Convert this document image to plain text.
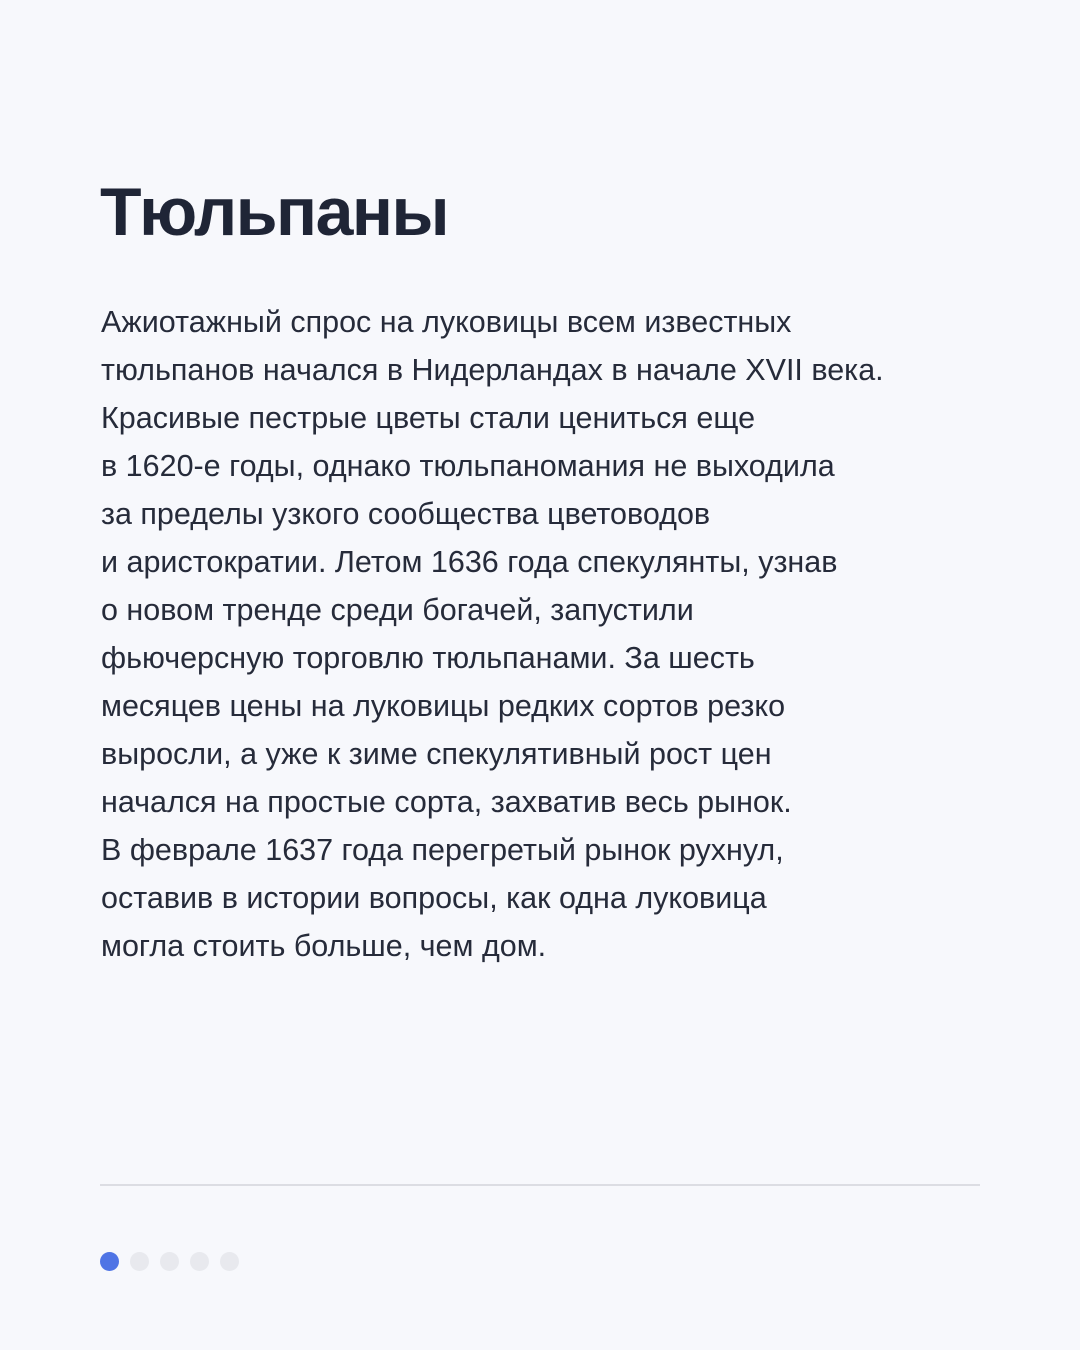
Тюльпаны
Ажиотажный спрос на луковицы всем известных
тюльпанов начался в Нидерландах в начале XVII века.
Красивые пестрые цветы стали цениться еще
в 1620-е годы, однако тюльпаномания не выходила
за пределы узкого сообщества цветоводов
и аристократии. Летом 1636 года спекулянты, узнав
о новом тренде среди богачей, запустили
фьючерсную торговлю тюльпанами. За шесть
месяцев цены на луковицы редких сортов резко
выросли, а уже к зиме спекулятивный рост цен
начался на простые сорта, захватив весь рынок.
В феврале 1637 года перегретый рынок рухнул,
оставив в истории вопросы, как одна луковица
могла стоить больше, чем дом.
